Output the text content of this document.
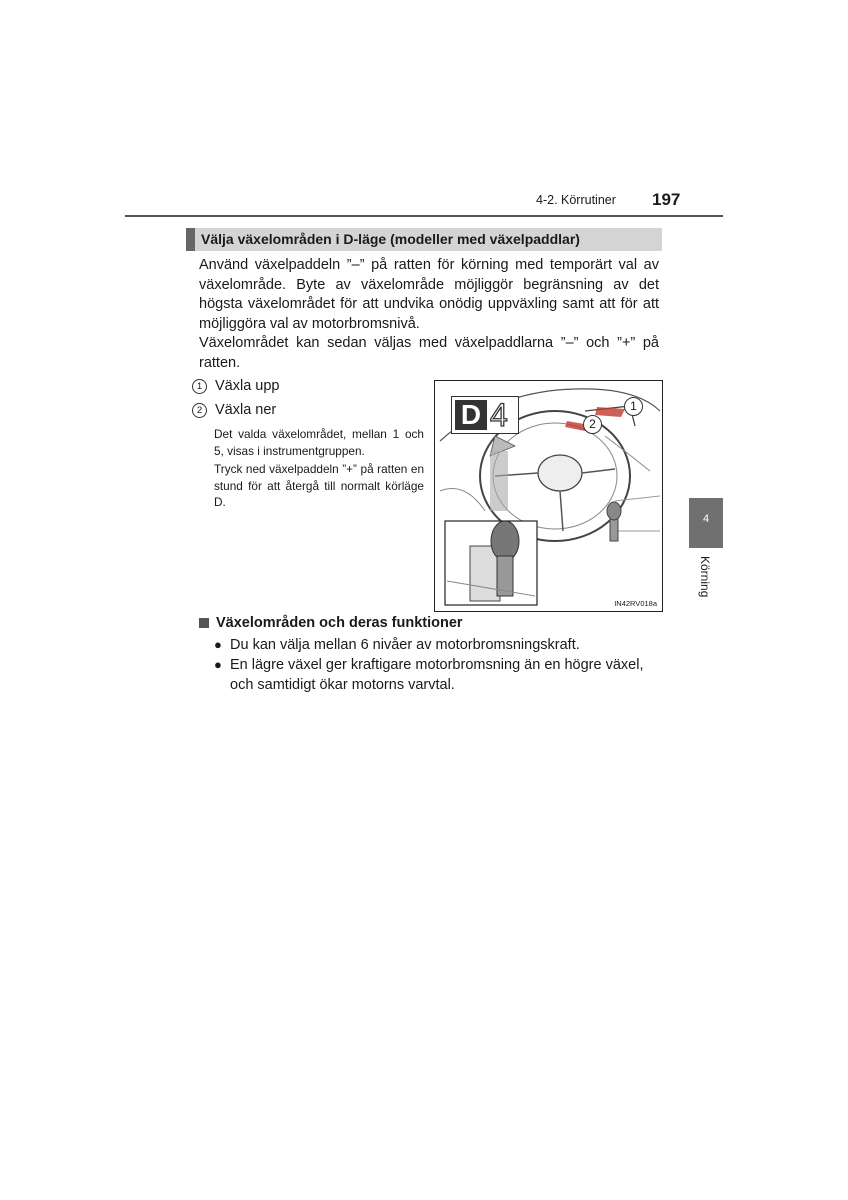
4-2. Körrutiner 197
Välja växelområden i D-läge (modeller med växelpaddlar)

Använd växelpaddeln ”–” på ratten för körning med temporärt val av växelområde. Byte av växelområde möjliggör begränsning av det högsta växelområdet för att undvika onödig uppväxling samt att för att möjliggöra val av motorbromsnivå.

Växelområdet kan sedan väljas med växelpaddlarna ”–” och ”+” på ratten.

1 Växla upp
2 Växla ner

Det valda växelområdet, mellan 1 och 5, visas i instrumentgruppen.

Tryck ned växelpaddeln ”+” på ratten en stund för att återgå till normalt körläge D.

D 4	1
2
IN42RV018a
Växelområden och deras funktioner
● Du kan välja mellan 6 nivåer av motorbromsningskraft.
● En lägre växel ger kraftigare motorbromsning än en högre växel, och samtidigt ökar motorns varvtal.
4
Körning
